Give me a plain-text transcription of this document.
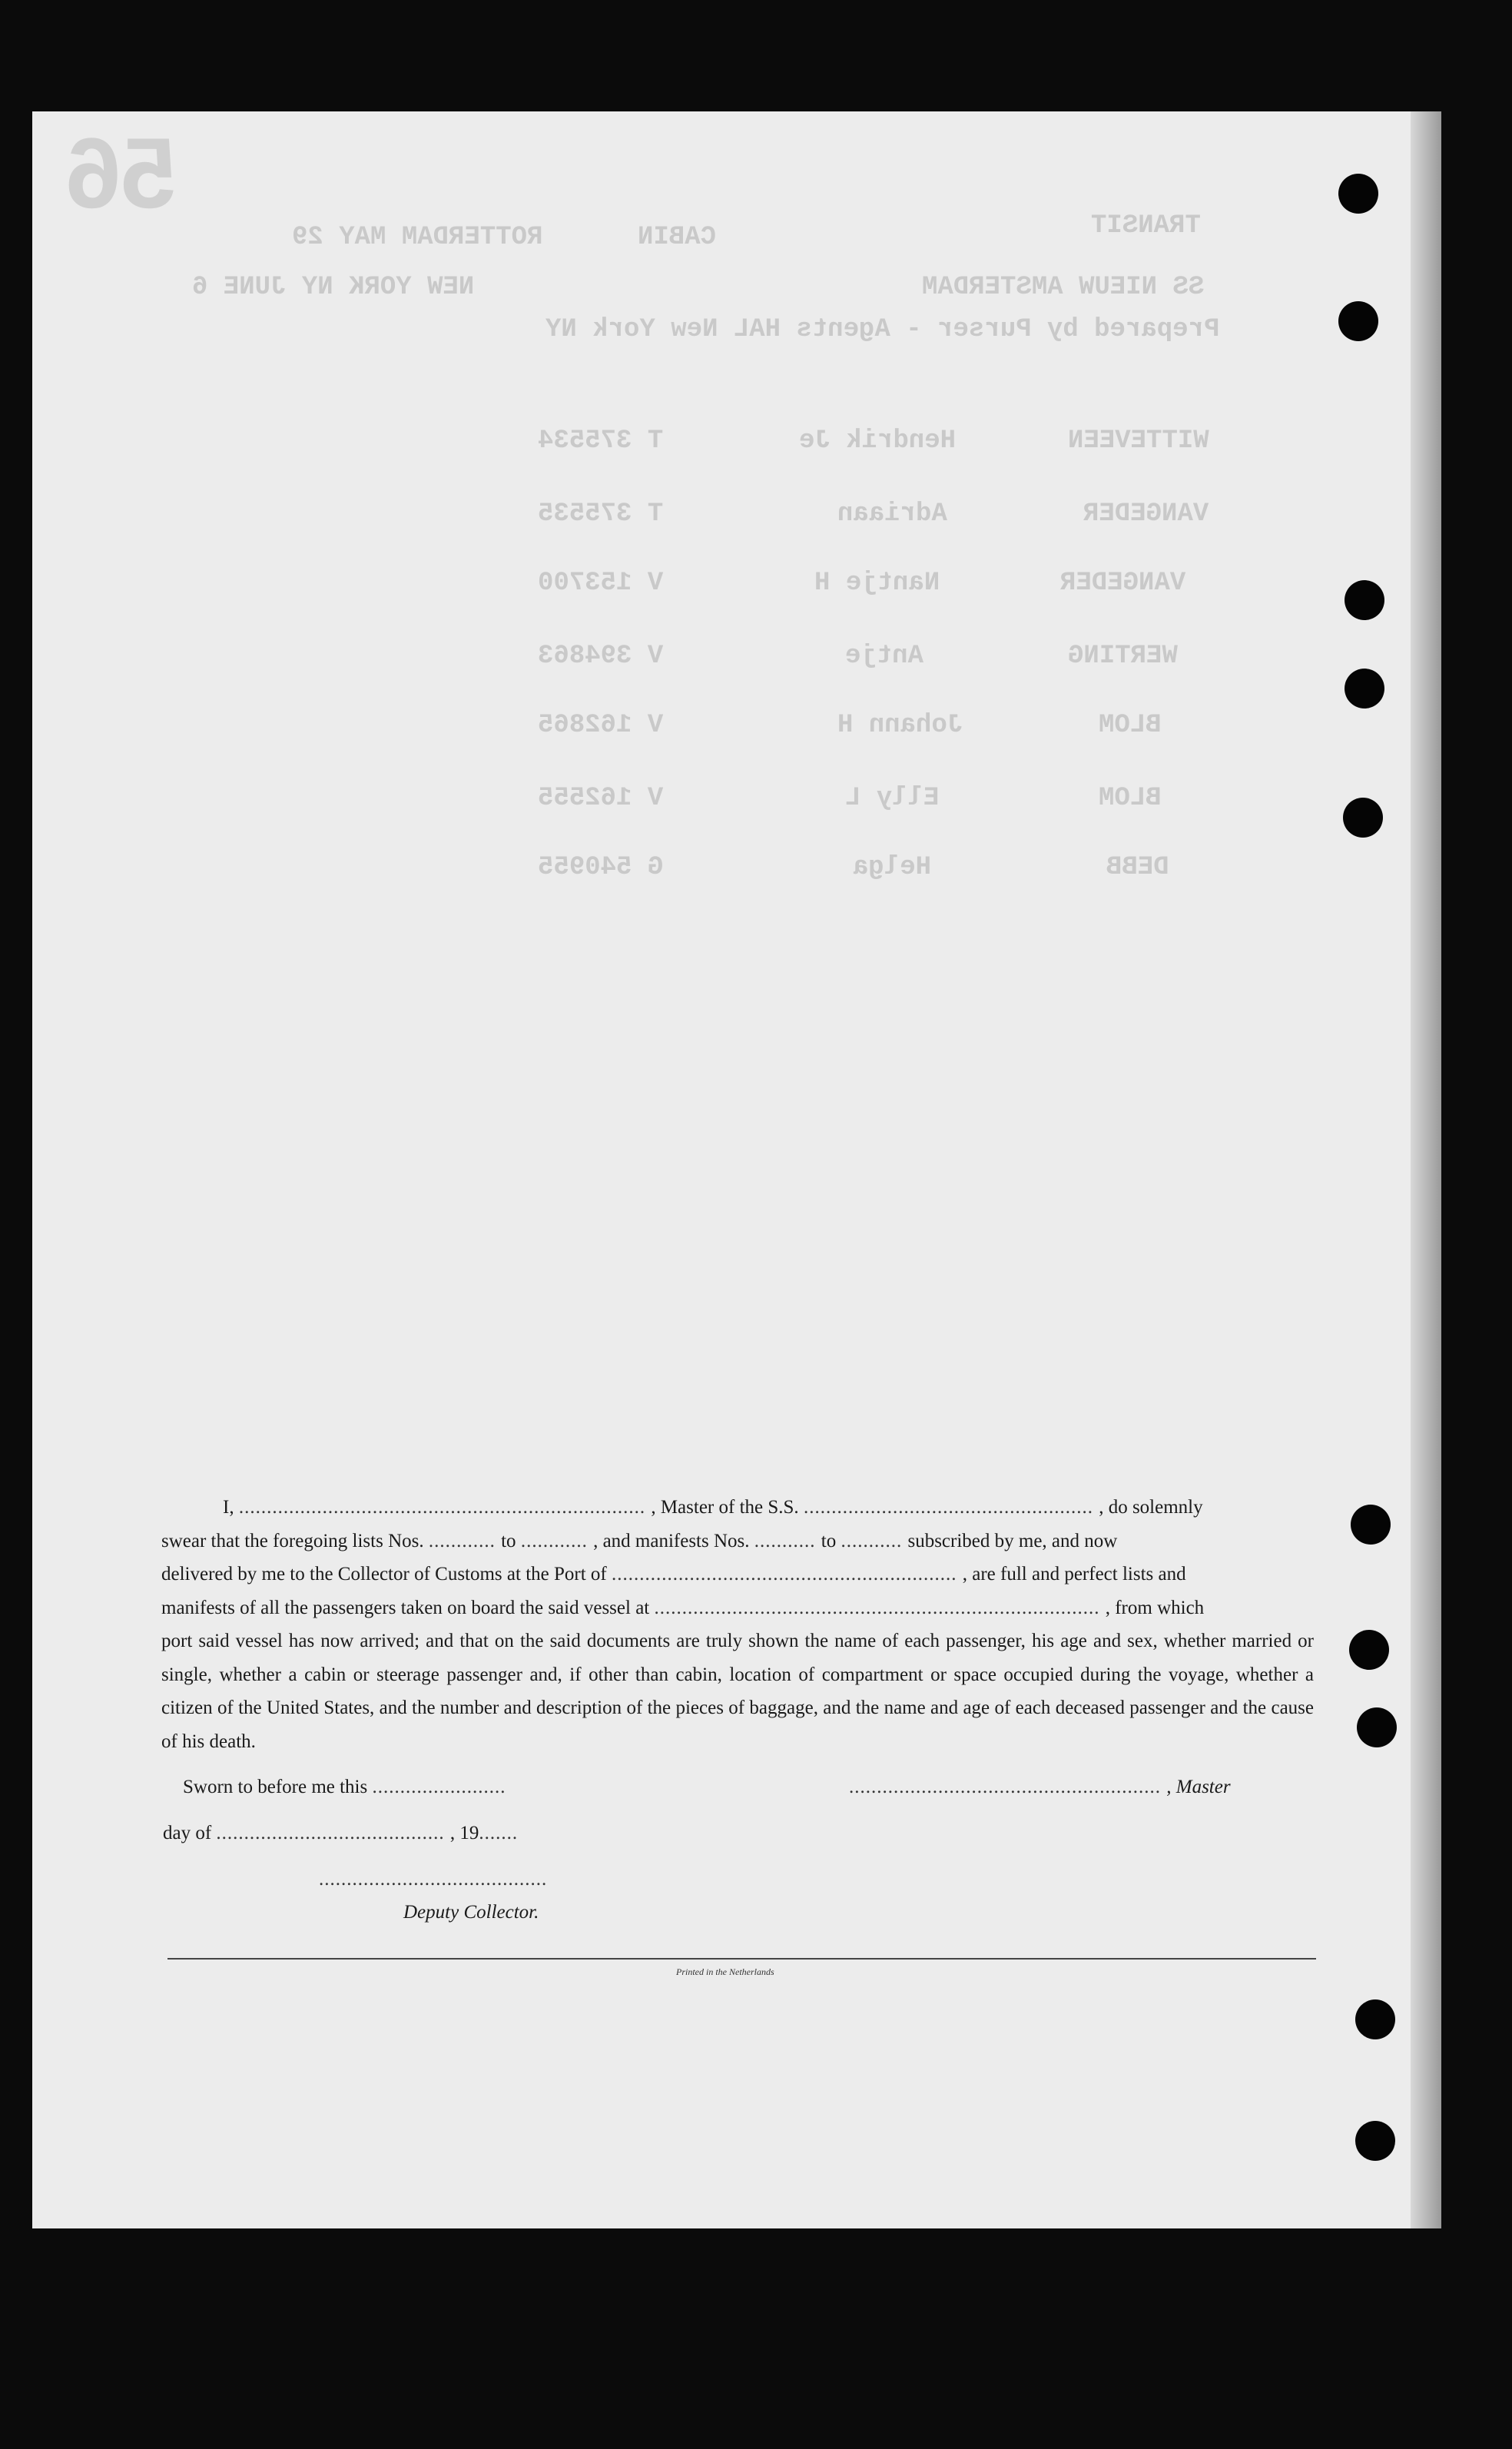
56	TRANSIT
SS NIEUW AMSTERDAM
Prepared by Purser - Agents HAL New York NY
ROTTERDAM MAY 29
NEW YORK NY JUNE 6
CABIN
WITTEVEEN
Hendrik Je
T 375534
VANGEDER
Adriaan
T 375535
VANGEDER
Nantje H
V 153700
WERTING
Antje
V 394863
BLOM
Johann H
V 162865
BLOM
Elly L
V 162555
DEBB
Helga
G 540955

I, ......................................................................... , Master of the S.S. .................................................... , do solemnly

swear that the foregoing lists Nos. ............ to ............ , and manifests Nos. ........... to ........... subscribed by me, and now

delivered by me to the Collector of Customs at the Port of .............................................................. , are full and perfect lists and

manifests of all the passengers taken on board the said vessel at ................................................................................ , from which

port said vessel has now arrived; and that on the said documents are truly shown the name of each passenger, his age and sex, whether married or single, whether a cabin or steerage passenger and, if other than cabin, location of compartment or space occupied during the voyage, whether a citizen of the United States, and the number and description of the pieces of baggage, and the name and age of each deceased passenger and the cause of his death.

Sworn to before me this ........................	........................................................ , Master
day of ......................................... , 19.......
.........................................
Deputy Collector.
Printed in the Netherlands
